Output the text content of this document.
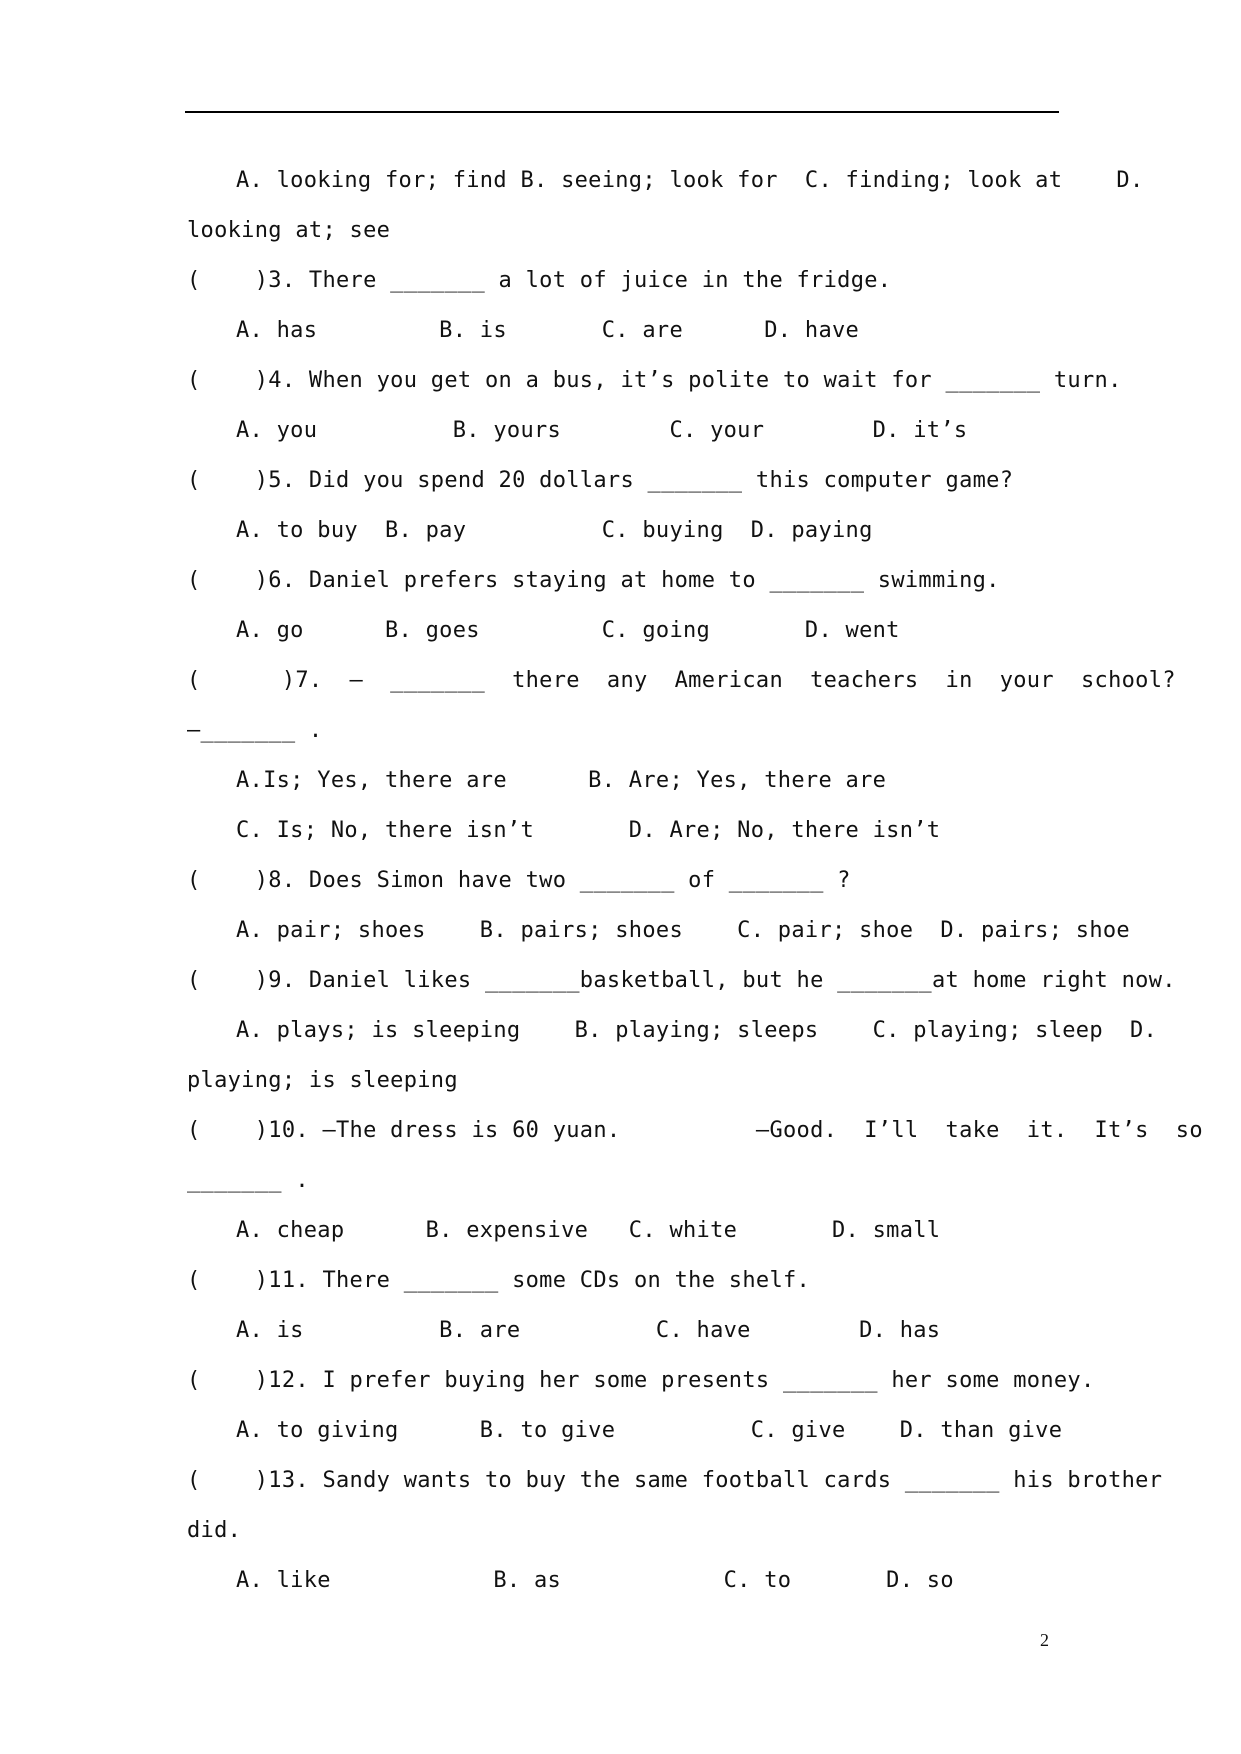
A. looking for; find B. seeing; look for  C. finding; look at    D.
looking at; see
(    )3. There _______ a lot of juice in the fridge.
A. has         B. is       C. are      D. have
(    )4. When you get on a bus, it’s polite to wait for _______ turn.
A. you          B. yours        C. your        D. it’s
(    )5. Did you spend 20 dollars _______ this computer game?
A. to buy  B. pay          C. buying  D. paying
(    )6. Daniel prefers staying at home to _______ swimming.
A. go      B. goes         C. going       D. went
(      )7.  —  _______  there  any  American  teachers  in  your  school?
—_______ .
A.Is; Yes, there are      B. Are; Yes, there are
C. Is; No, there isn’t       D. Are; No, there isn’t
(    )8. Does Simon have two _______ of _______ ?
A. pair; shoes    B. pairs; shoes    C. pair; shoe  D. pairs; shoe
(    )9. Daniel likes _______basketball, but he _______at home right now.
A. plays; is sleeping    B. playing; sleeps    C. playing; sleep  D.
playing; is sleeping
(    )10. —The dress is 60 yuan.          —Good.  I’ll  take  it.  It’s  so
_______ .
A. cheap      B. expensive   C. white       D. small
(    )11. There _______ some CDs on the shelf.
A. is          B. are          C. have        D. has
(    )12. I prefer buying her some presents _______ her some money.
A. to giving      B. to give          C. give    D. than give
(    )13. Sandy wants to buy the same football cards _______ his brother
did.
A. like            B. as            C. to       D. so
2
